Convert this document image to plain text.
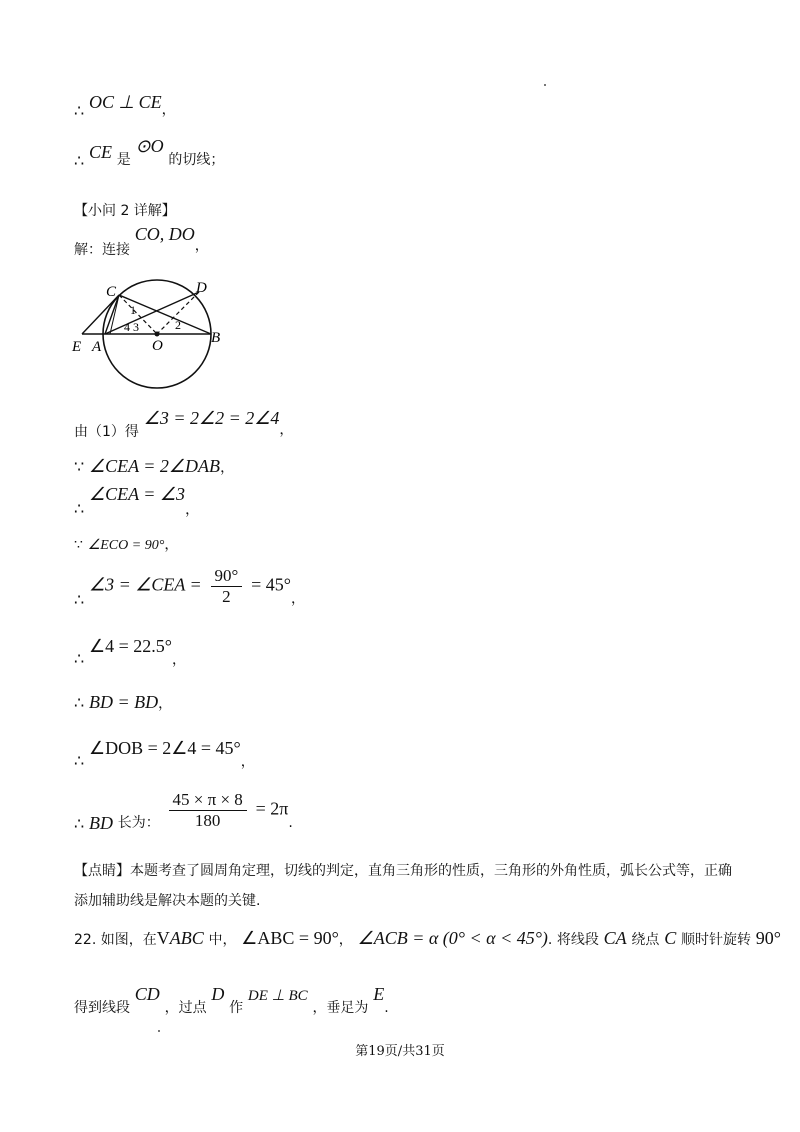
∴ OC ⊥ CE，
∴ CE 是 ⊙O 的切线；
【小问 2 详解】
解：连接 CO, DO，
C	D
E A	O	B
1
2
4 3
由（1）得 ∠3 = 2∠2 = 2∠4，
∵ ∠CEA = 2∠DAB，
∴ ∠CEA = ∠3，
∵ ∠ECO = 90°，
∴ ∠3 = ∠CEA = $\frac{90^\circ}{2} = 45^\circ$，
∴ ∠4 = 22.5°，
∴ BD = BD，
∴ ∠DOB = 2∠4 = 45°，
∴ BD 长为： $\frac{45 \times \pi \times 8}{180} = 2\pi$.
【点睛】本题考查了圆周角定理，切线的判定，直角三角形的性质，三角形的外角性质，弧长公式等，正确添加辅助线是解决本题的关键.
22. 如图，在VABC 中， ∠ABC = 90°， ∠ACB = α (0° < α < 45°). 将线段 CA 绕点 C 顺时针旋转 90°
得到线段 CD ，过点 D 作 DE ⊥ BC ，垂足为 E.
第19页/共31页
